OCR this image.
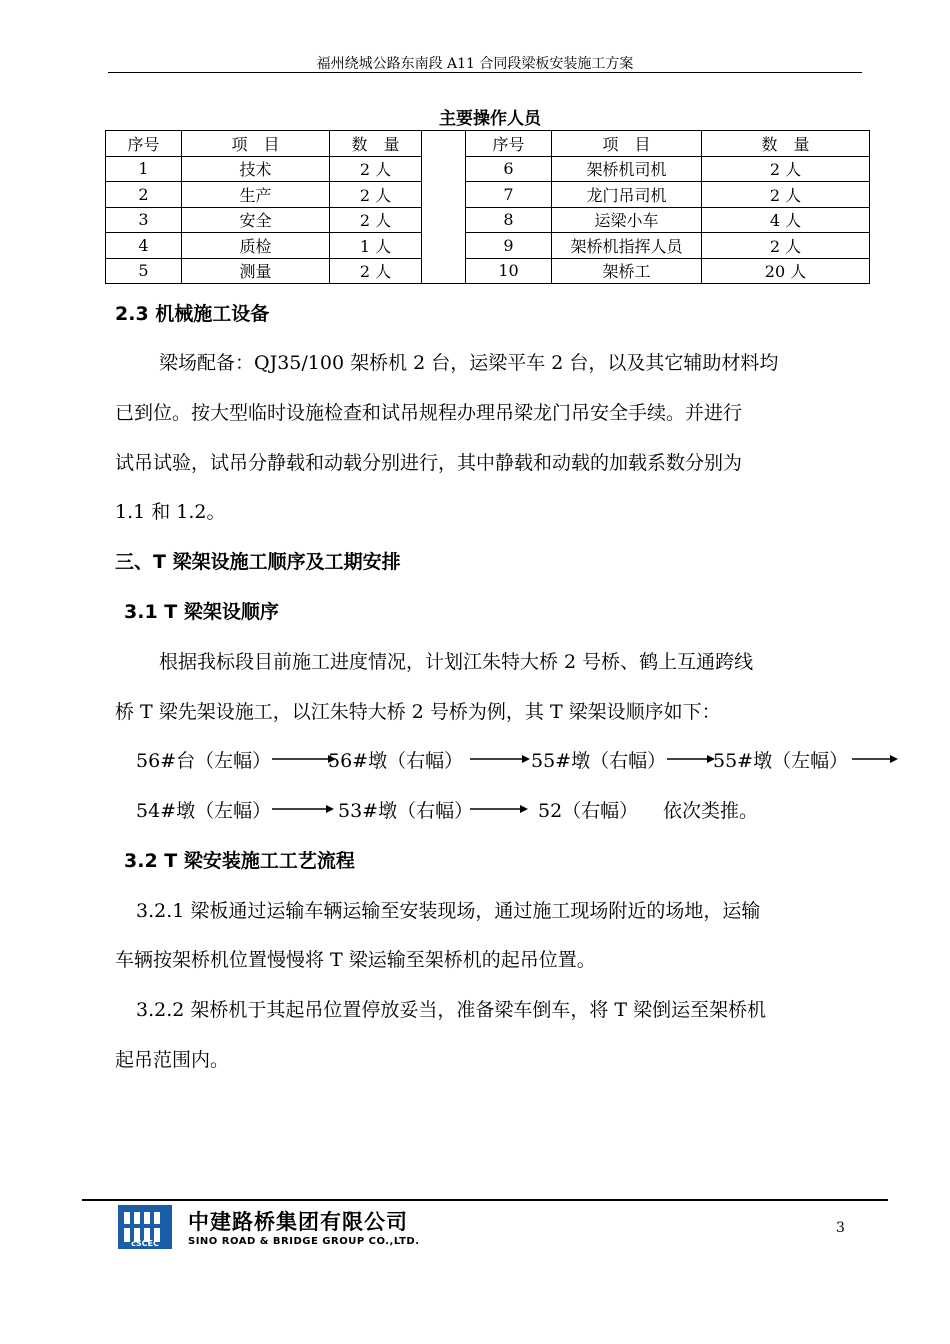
福州绕城公路东南段 A11 合同段梁板安装施工方案
主要操作人员
序号	项　目	数　量		序号	项　目	数　量
1	技术	2 人		6	架桥机司机	2 人
2	生产	2 人		7	龙门吊司机	2 人
3	安全	2 人		8	运梁小车	4 人
4	质检	1 人		9	架桥机指挥人员	2 人
5	测量	2 人		10	架桥工	20 人
2.3 机械施工设备
梁场配备：QJ35/100 架桥机 2 台，运梁平车 2 台，以及其它辅助材料均
已到位。按大型临时设施检查和试吊规程办理吊梁龙门吊安全手续。并进行
试吊试验，试吊分静载和动载分别进行，其中静载和动载的加载系数分别为
1.1 和 1.2。
三、T 梁架设施工顺序及工期安排
3.1 T 梁架设顺序
根据我标段目前施工进度情况，计划江朱特大桥 2 号桥、鹤上互通跨线
桥 T 梁先架设施工，以江朱特大桥 2 号桥为例，其 T 梁架设顺序如下：
56#台（左幅）	56#墩（右幅）	55#墩（右幅） 55#墩（左幅）
54#墩（左幅）	53#墩（右幅）	52（右幅） 依次类推。
3.2 T 梁安装施工工艺流程
3.2.1 梁板通过运输车辆运输至安装现场，通过施工现场附近的场地，运输
车辆按架桥机位置慢慢将 T 梁运输至架桥机的起吊位置。
3.2.2 架桥机于其起吊位置停放妥当，准备梁车倒车，将 T 梁倒运至架桥机
起吊范围内。
cSCEC
中建路桥集团有限公司
SINO ROAD & BRIDGE GROUP CO.,LTD.
3
